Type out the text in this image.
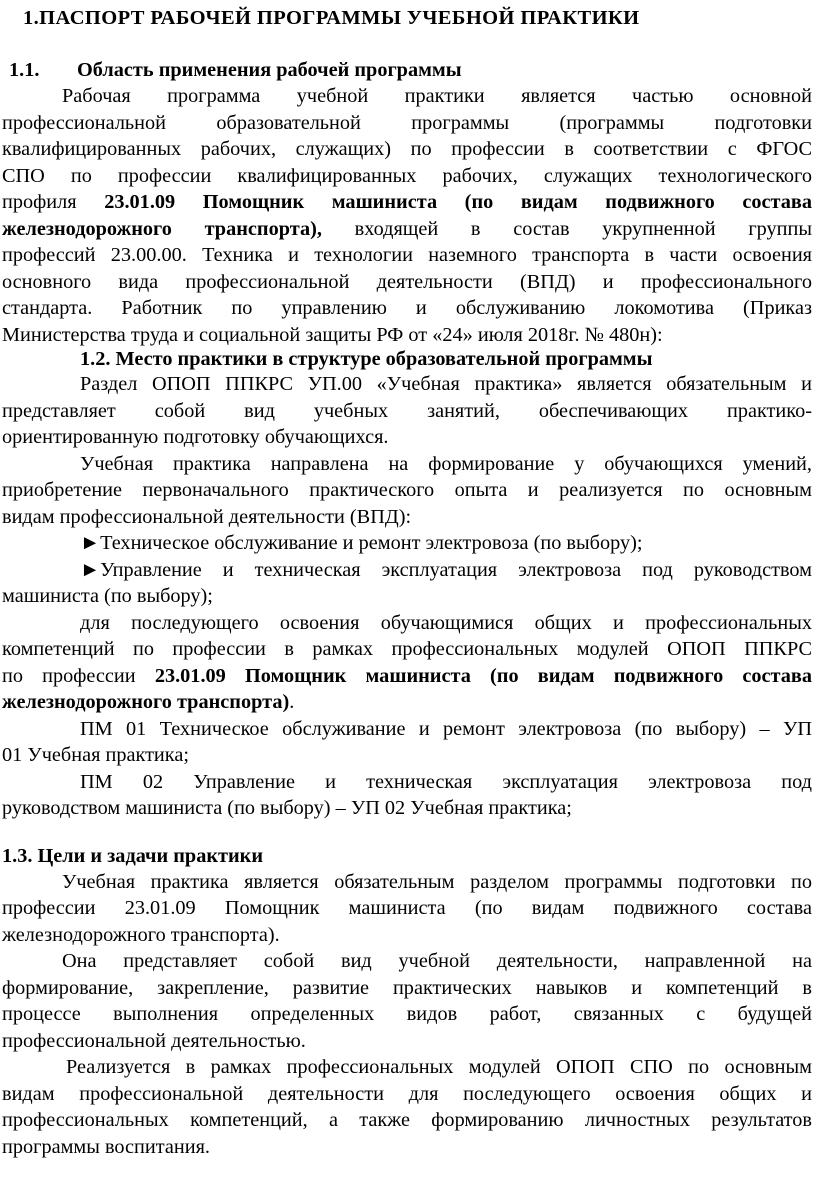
1.ПАСПОРТ РАБОЧЕЙ ПРОГРАММЫ УЧЕБНОЙ ПРАКТИКИ
1.1. Область применения рабочей программы
Рабочая программа учебной практики является частью основной
профессиональной образовательной программы (программы подготовки
квалифицированных рабочих, служащих) по профессии в соответствии с ФГОС
СПО по профессии квалифицированных рабочих, служащих технологического
профиля 23.01.09 Помощник машиниста (по видам подвижного состава
железнодорожного транспорта), входящей в состав укрупненной группы
профессий 23.00.00. Техника и технологии наземного транспорта в части освоения
основного вида профессиональной деятельности (ВПД) и профессионального
стандарта. Работник по управлению и обслуживанию локомотива (Приказ
Министерства труда и социальной защиты РФ от «24» июля 2018г. № 480н):
1.2. Место практики в структуре образовательной программы
Раздел ОПОП ППКРС УП.00 «Учебная практика» является обязательным и
представляет собой вид учебных занятий, обеспечивающих практико-
ориентированную подготовку обучающихся.
Учебная практика направлена на формирование у обучающихся умений,
приобретение первоначального практического опыта и реализуется по основным
видам профессиональной деятельности (ВПД):
►Техническое обслуживание и ремонт электровоза (по выбору);
►Управление и техническая эксплуатация электровоза под руководством
машиниста (по выбору);
для последующего освоения обучающимися общих и профессиональных
компетенций по профессии в рамках профессиональных модулей ОПОП ППКРС
по профессии 23.01.09 Помощник машиниста (по видам подвижного состава
железнодорожного транспорта).
ПМ 01 Техническое обслуживание и ремонт электровоза (по выбору) – УП
01 Учебная практика;
ПМ 02 Управление и техническая эксплуатация электровоза под
руководством машиниста (по выбору) – УП 02 Учебная практика;
1.3. Цели и задачи практики
Учебная практика является обязательным разделом программы подготовки по
профессии 23.01.09 Помощник машиниста (по видам подвижного состава
железнодорожного транспорта).
Она представляет собой вид учебной деятельности, направленной на
формирование, закрепление, развитие практических навыков и компетенций в
процессе выполнения определенных видов работ, связанных с будущей
профессиональной деятельностью.
Реализуется в рамках профессиональных модулей ОПОП СПО по основным
видам профессиональной деятельности для последующего освоения общих и
профессиональных компетенций, а также формированию личностных результатов
программы воспитания.
